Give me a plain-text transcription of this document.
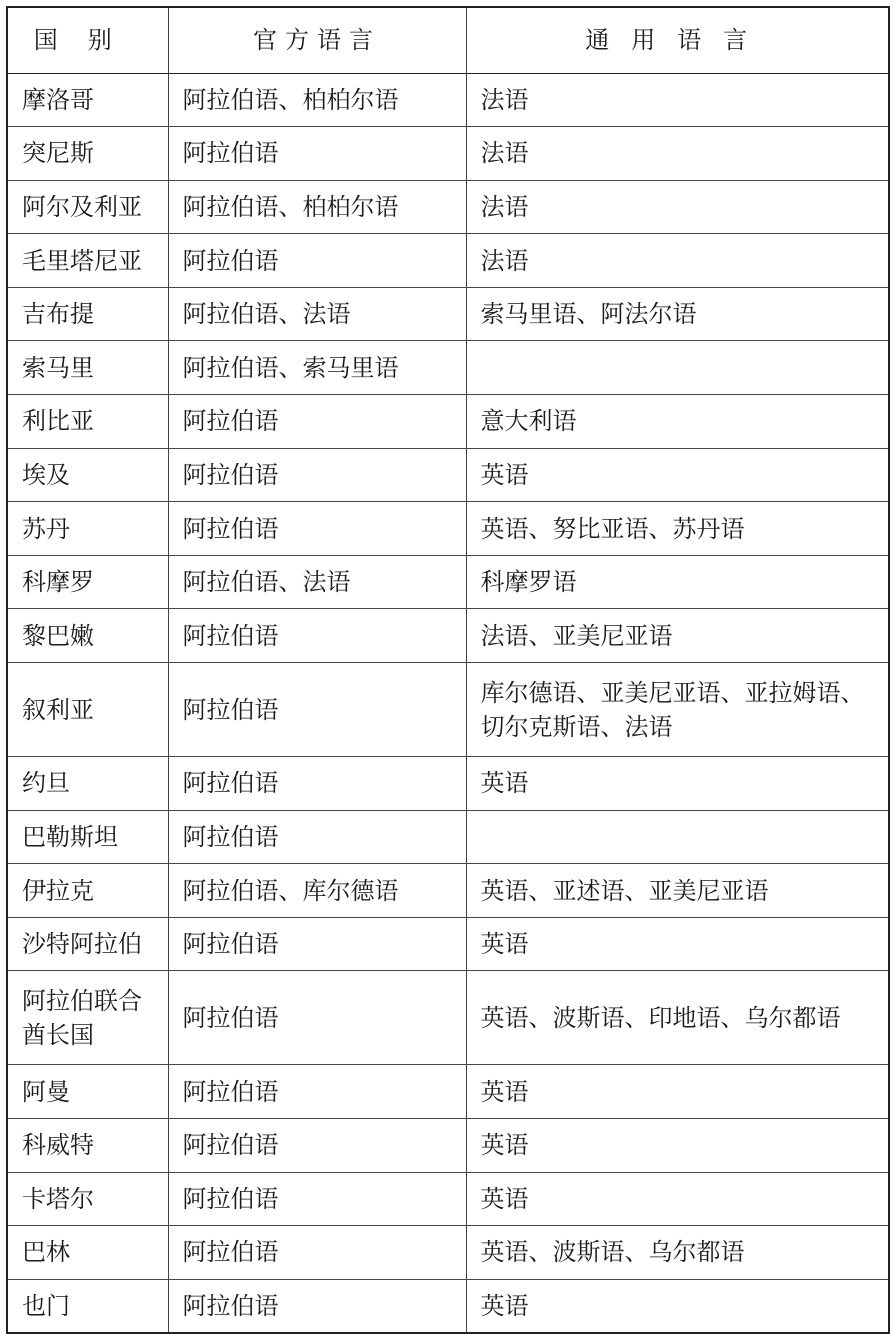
国别	官方语言	通用语言
摩洛哥	阿拉伯语、柏柏尔语	法语
突尼斯	阿拉伯语	法语
阿尔及利亚	阿拉伯语、柏柏尔语	法语
毛里塔尼亚	阿拉伯语	法语
吉布提	阿拉伯语、法语	索马里语、阿法尔语
索马里	阿拉伯语、索马里语	
利比亚	阿拉伯语	意大利语
埃及	阿拉伯语	英语
苏丹	阿拉伯语	英语、努比亚语、苏丹语
科摩罗	阿拉伯语、法语	科摩罗语
黎巴嫩	阿拉伯语	法语、亚美尼亚语
叙利亚	阿拉伯语	库尔德语、亚美尼亚语、亚拉姆语、切尔克斯语、法语
约旦	阿拉伯语	英语
巴勒斯坦	阿拉伯语	
伊拉克	阿拉伯语、库尔德语	英语、亚述语、亚美尼亚语
沙特阿拉伯	阿拉伯语	英语
阿拉伯联合酋长国	阿拉伯语	英语、波斯语、印地语、乌尔都语
阿曼	阿拉伯语	英语
科威特	阿拉伯语	英语
卡塔尔	阿拉伯语	英语
巴林	阿拉伯语	英语、波斯语、乌尔都语
也门	阿拉伯语	英语
